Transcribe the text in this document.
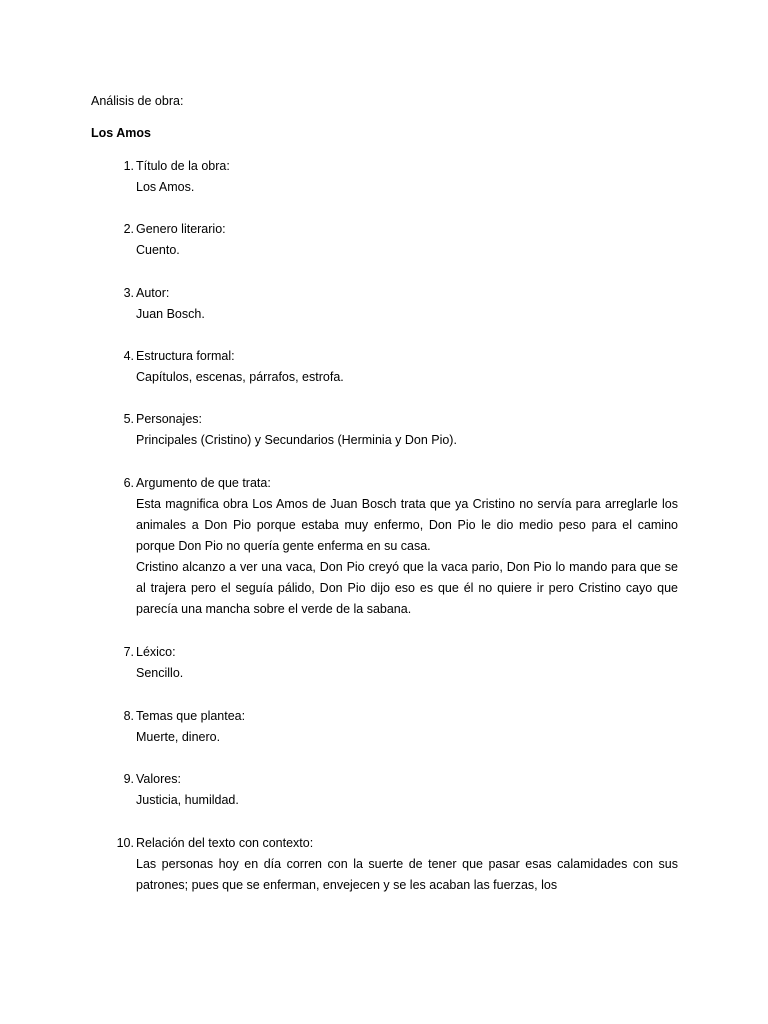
Análisis de obra:
Los Amos
1. Título de la obra:

Los Amos.

2. Genero literario:

Cuento.

3. Autor:

Juan Bosch.

4. Estructura formal:

Capítulos, escenas, párrafos, estrofa.

5. Personajes:

Principales (Cristino) y Secundarios (Herminia y Don Pio).

6. Argumento de que trata:

Esta magnifica obra Los Amos de Juan Bosch trata que ya Cristino no servía para arreglarle los animales a Don Pio porque estaba muy enfermo, Don Pio le dio medio peso para el camino porque Don Pio no quería gente enferma en su casa.

Cristino alcanzo a ver una vaca, Don Pio creyó que la vaca pario, Don Pio lo mando para que se al trajera pero el seguía pálido, Don Pio dijo eso es que él no quiere ir pero Cristino cayo que parecía una mancha sobre el verde de la sabana.

7. Léxico:

Sencillo.

8. Temas que plantea:

Muerte, dinero.

9. Valores:

Justicia, humildad.

10. Relación del texto con contexto:

Las personas hoy en día corren con la suerte de tener que pasar esas calamidades con sus patrones; pues que se enferman, envejecen y se les acaban las fuerzas, los
